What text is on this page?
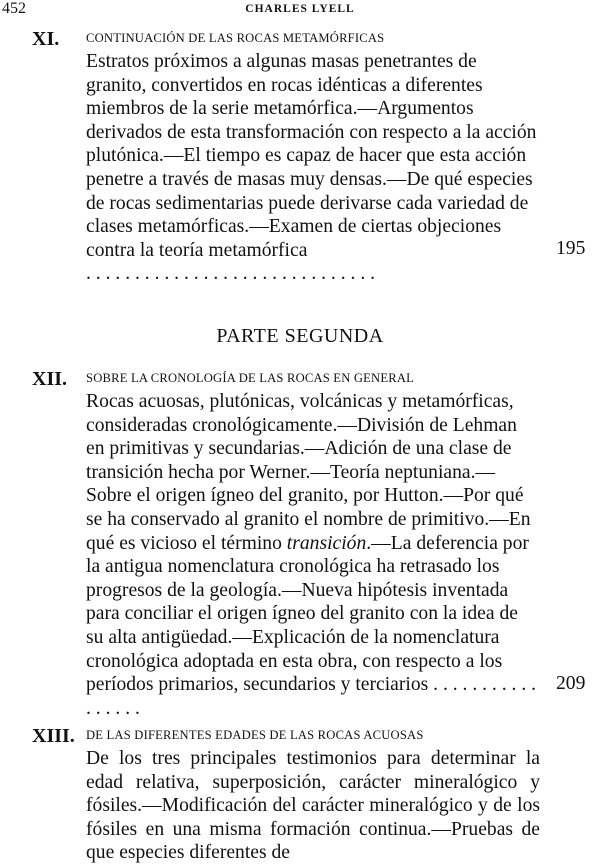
452	CHARLES LYELL
XI. CONTINUACIÓN DE LAS ROCAS METAMÓRFICAS

Estratos próximos a algunas masas penetrantes de granito, convertidos en rocas idénticas a diferentes miembros de la serie metamórfica.—Argumentos derivados de esta transformación con respecto a la acción plutónica.—El tiempo es capaz de hacer que esta acción penetre a través de masas muy densas.—De qué especies de rocas sedimentarias puede derivarse cada variedad de clases metamórficas.—Examen de ciertas objeciones contra la teoría metamórfica . . . . . . . . . . . . . . . . . . . . . . . . . . . . . .

195
PARTE SEGUNDA
XII. SOBRE LA CRONOLOGÍA DE LAS ROCAS EN GENERAL

Rocas acuosas, plutónicas, volcánicas y metamórficas, consideradas cronológicamente.—División de Lehman en primitivas y secundarias.—Adición de una clase de transición hecha por Werner.—Teoría neptuniana.—Sobre el origen ígneo del granito, por Hutton.—Por qué se ha conservado al granito el nombre de primitivo.—En qué es vicioso el término transición.—La deferencia por la antigua nomenclatura cronológica ha retrasado los progresos de la geología.—Nueva hipótesis inventada para conciliar el origen ígneo del granito con la idea de su alta antigüedad.—Explicación de la nomenclatura cronológica adoptada en esta obra, con respecto a los períodos primarios, secundarios y terciarios . . . . . . . . . . . . . . . . .

209
XIII. DE LAS DIFERENTES EDADES DE LAS ROCAS ACUOSAS

De los tres principales testimonios para determinar la edad relativa, superposición, carácter mineralógico y fósiles.—Modificación del carácter mineralógico y de los fósiles en una misma formación continua.—Pruebas de que especies diferentes de
